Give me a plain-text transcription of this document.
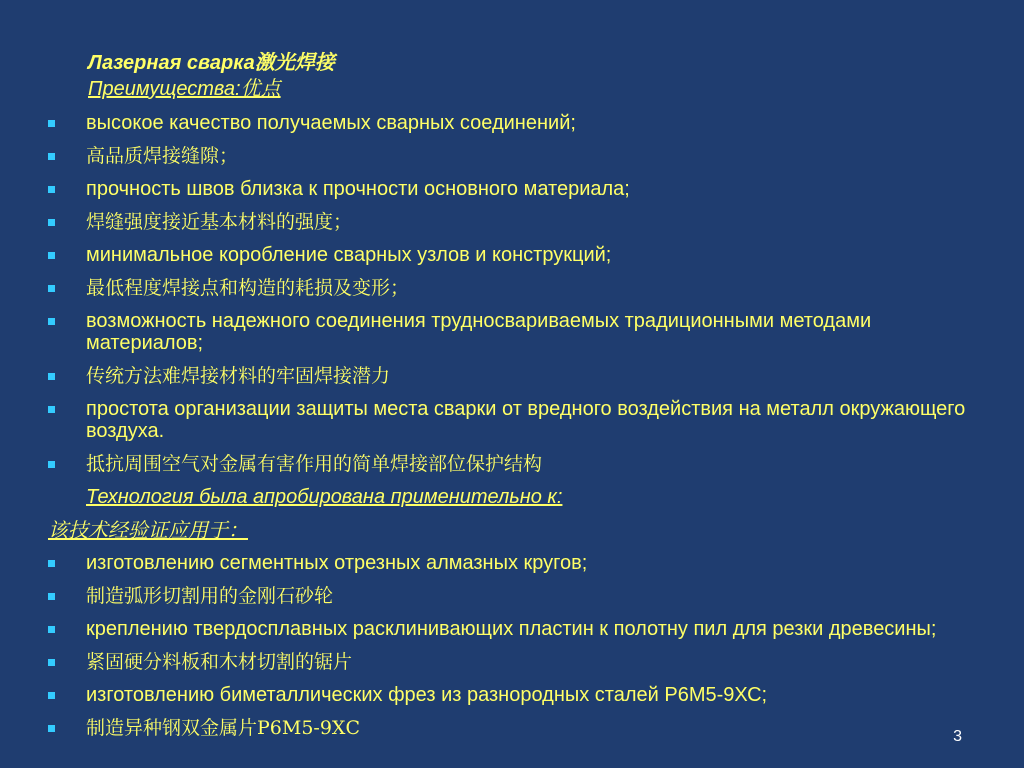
Лазерная сварка激光焊接
Преимущества:优点
высокое качество получаемых сварных соединений;
高品质焊接缝隙；
прочность швов близка к прочности основного материала;
焊缝强度接近基本材料的强度；
минимальное коробление сварных узлов и конструкций;
最低程度焊接点和构造的耗损及变形；
возможность надежного соединения трудносвариваемых традиционными методами материалов;
传统方法难焊接材料的牢固焊接潜力
простота организации защиты места сварки от вредного воздействия на металл окружающего воздуха.
抵抗周围空气对金属有害作用的简单焊接部位保护结构
Технология была апробирована применительно к:
该技术经验证应用于：
изготовлению сегментных отрезных алмазных кругов;
制造弧形切割用的金刚石砂轮
креплению твердосплавных расклинивающих пластин к полотну пил для резки древесины;
紧固硬分料板和木材切割的锯片
изготовлению биметаллических фрез из разнородных сталей Р6М5-9ХС;
制造异种钢双金属片Р6М5-9ХС	3
